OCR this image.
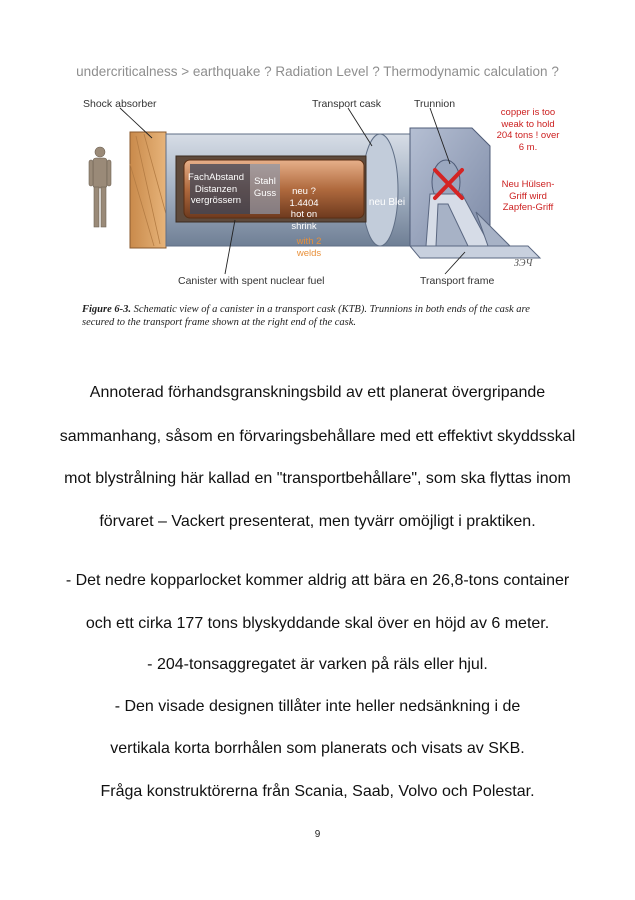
undercriticalness > earthquake ? Radiation Level ? Thermodynamic calculation ?
ЗЭЧ
Shock absorber	Transport cask	Trunnion
Canister with spent nuclear fuel	Transport frame
copper is too weak to hold 204 tons ! over 6 m.
Neu Hülsen-Griff wird Zapfen-Griff
FachAbstand Distanzen vergrössern
Stahl Guss	neu ? 1.4404 hot on shrink
with 2 welds
neu Blei
Figure 6-3. Schematic view of a canister in a transport cask (KTB). Trunnions in both ends of the cask are secured to the transport frame shown at the right end of the cask.
Annoterad förhandsgranskningsbild av ett planerat övergripande
sammanhang, såsom en förvaringsbehållare med ett effektivt skyddsskal
mot blystrålning här kallad en "transportbehållare", som ska flyttas inom
förvaret – Vackert presenterat, men tyvärr omöjligt i praktiken.
- Det nedre kopparlocket kommer aldrig att bära en 26,8-tons container
och ett cirka 177 tons blyskyddande skal över en höjd av 6 meter.
- 204-tonsaggregatet är varken på räls eller hjul.
- Den visade designen tillåter inte heller nedsänkning i de
vertikala korta borrhålen som planerats och visats av SKB.
Fråga konstruktörerna från Scania, Saab, Volvo och Polestar.
9
